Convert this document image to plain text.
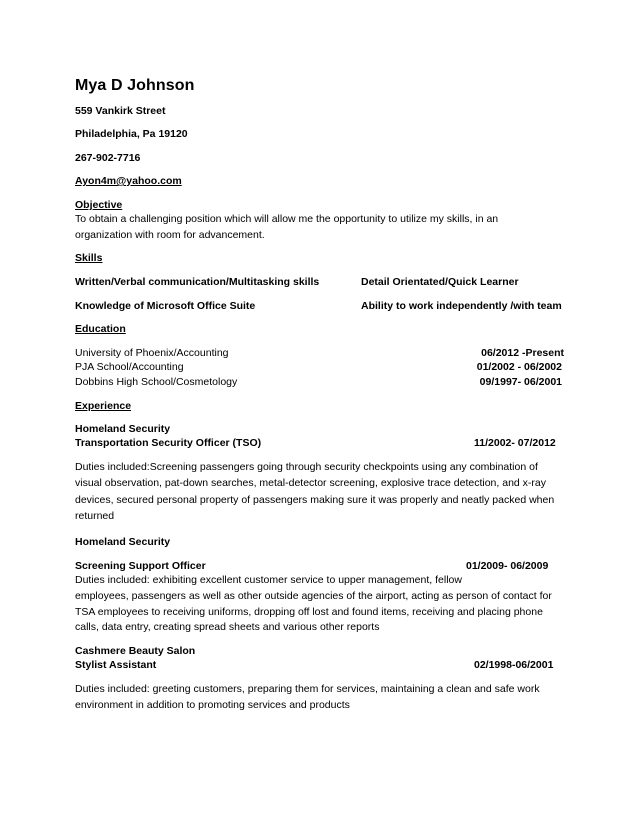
Mya D Johnson
559 Vankirk Street
Philadelphia, Pa 19120
267-902-7716
Ayon4m@yahoo.com
Objective
To obtain a challenging position which will allow me the opportunity to utilize my skills, in an
organization with room for advancement.
Skills
Written/Verbal communication/Multitasking skills	Detail Orientated/Quick Learner
Knowledge of Microsoft Office Suite	Ability to work independently /with team
Education
University of Phoenix/Accounting	06/2012 -Present
PJA School/Accounting	01/2002 - 06/2002
Dobbins High School/Cosmetology	09/1997- 06/2001
Experience
Homeland Security
Transportation Security Officer (TSO)	11/2002- 07/2012
Duties included:Screening passengers going through security checkpoints using any combination of
visual observation, pat-down searches, metal-detector screening, explosive trace detection, and x-ray
devices, secured personal property of passengers making sure it was properly and neatly packed when
returned
Homeland Security
Screening Support Officer	01/2009- 06/2009
Duties included: exhibiting excellent customer service to upper management, fellow
employees, passengers as well as other outside agencies of the airport, acting as person of contact for
TSA employees to receiving uniforms, dropping off lost and found items, receiving and placing phone
calls, data entry, creating spread sheets and various other reports
Cashmere Beauty Salon
Stylist Assistant	02/1998-06/2001
Duties included: greeting customers, preparing them for services, maintaining a clean and safe work
environment in addition to promoting services and products
